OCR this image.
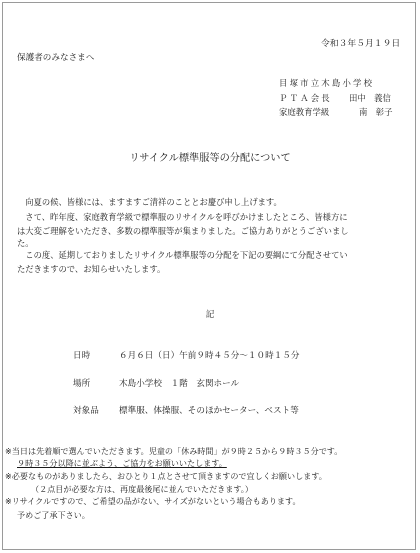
令和３年５月１９日
保護者のみなさまへ
目塚市立木島小学校
ＰＴＡ会長 田中　義信
家庭教育学級	南　彰子
リサイクル標準服等の分配について
　向夏の候、皆様には、ますますご清祥のこととお慶び申し上げます。
　さて、昨年度、家庭教育学級で標準服のリサイクルを呼びかけましたところ、皆様方に
は大変ご理解をいただき、多数の標準服等が集まりました。ご協力ありがとうございまし
た。
　この度、延期しておりましたリサイクル標準服等の分配を下記の要綱にて分配させてい
ただきますので、お知らせいたします。
記
日時	６月６日（日）午前９時４５分～１０時１５分
場所	木島小学校　１階　玄関ホール
対象品 標準服、体操服、そのほかセーター、ベスト等
※当日は先着順で選んでいただきます。児童の「休み時間」が９時２５から９時３５分です。
９時３５分以降に並ぶよう、ご協力をお願いいたします。
※必要なものがありましたら、おひとり１点とさせて頂きますので宜しくお願いします。
（２点目が必要な方は、再度最後尾に並んでいただきます。）
※リサイクルですので、ご希望の品がない、サイズがないという場合もあります。
予めご了承下さい。
